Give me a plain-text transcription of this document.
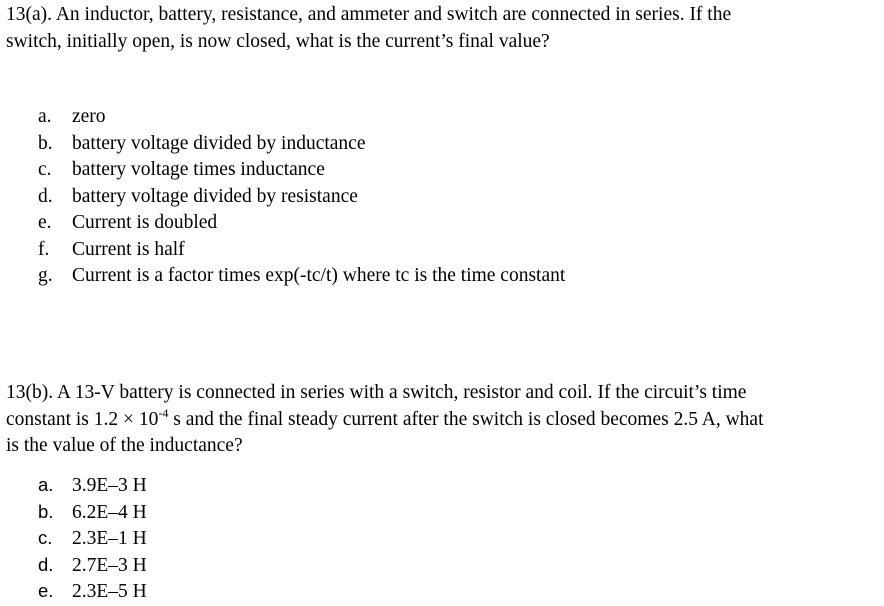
13(a). An inductor, battery, resistance, and ammeter and switch are connected in series. If the
switch, initially open, is now closed, what is the current’s final value?
a. zero
b. battery voltage divided by inductance
c. battery voltage times inductance
d. battery voltage divided by resistance
e. Current is doubled
f. Current is half
g. Current is a factor times exp(-tc/t) where tc is the time constant
13(b). A 13-V battery is connected in series with a switch, resistor and coil. If the circuit’s time
constant is $1.2 \times 10^{-4}$ s and the final steady current after the switch is closed becomes 2.5 A, what
is the value of the inductance?
a. 3.9E–3 H
b. 6.2E–4 H
c. 2.3E–1 H
d. 2.7E–3 H
e. 2.3E–5 H
